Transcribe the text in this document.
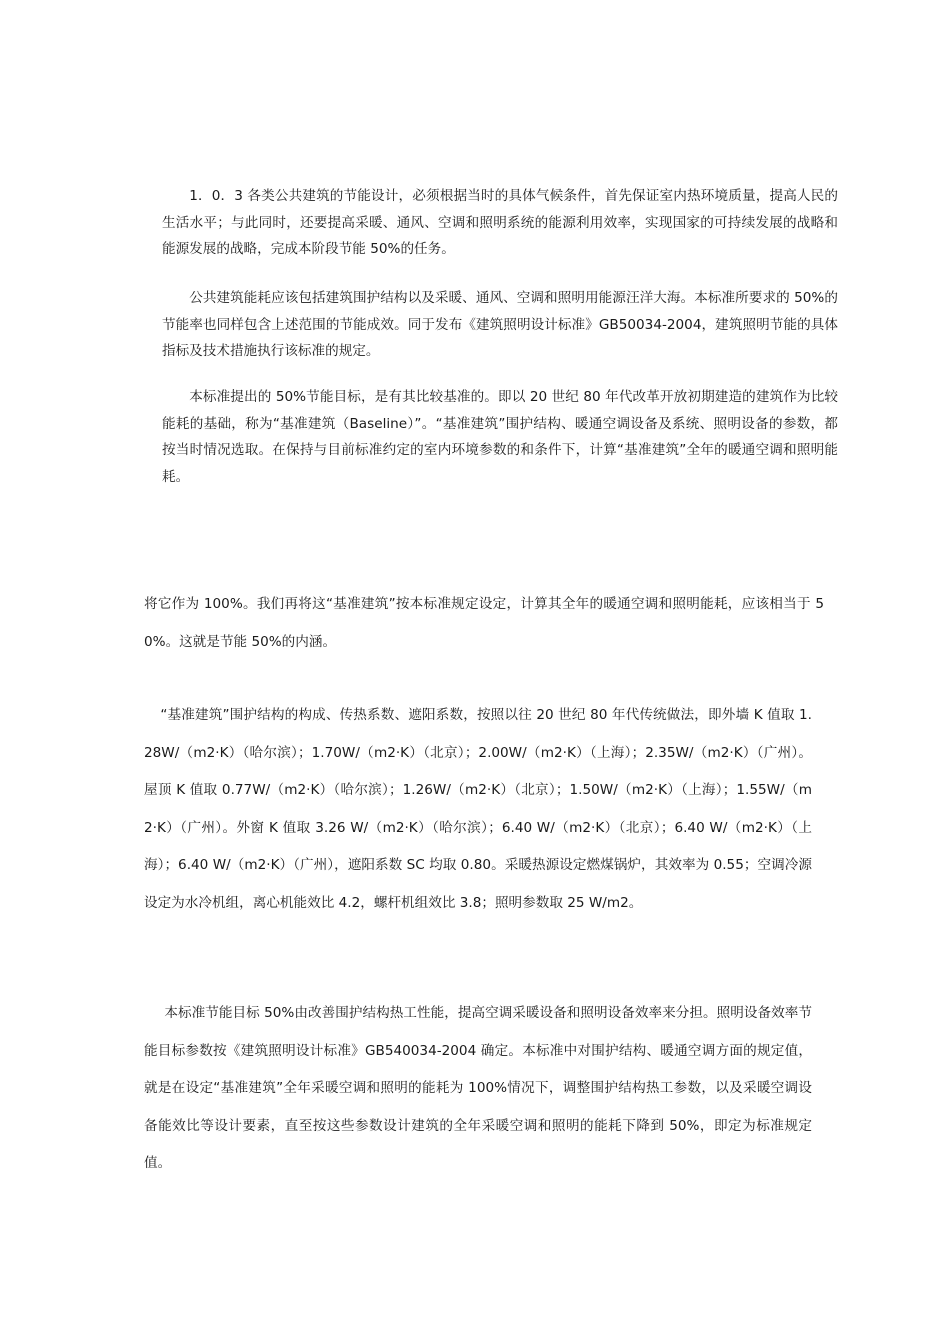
1．0．3 各类公共建筑的节能设计，必须根据当时的具体气候条件，首先保证室内热环境质量，提高人民的生活水平；与此同时，还要提高采暖、通风、空调和照明系统的能源利用效率，实现国家的可持续发展的战略和能源发展的战略，完成本阶段节能 50%的任务。

公共建筑能耗应该包括建筑围护结构以及采暖、通风、空调和照明用能源汪洋大海。本标准所要求的 50%的节能率也同样包含上述范围的节能成效。同于发布《建筑照明设计标准》GB50034-2004，建筑照明节能的具体指标及技术措施执行该标准的规定。

本标准提出的 50%节能目标，是有其比较基准的。即以 20 世纪 80 年代改革开放初期建造的建筑作为比较能耗的基础，称为“基准建筑（Baseline）”。“基准建筑”围护结构、暖通空调设备及系统、照明设备的参数，都按当时情况选取。在保持与目前标准约定的室内环境参数的和条件下，计算“基准建筑”全年的暖通空调和照明能耗。

将它作为 100%。我们再将这“基准建筑”按本标准规定设定，计算其全年的暖通空调和照明能耗，应该相当于 50%。这就是节能 50%的内涵。

“基准建筑”围护结构的构成、传热系数、遮阳系数，按照以往 20 世纪 80 年代传统做法，即外墙 K 值取 1.28W/（m2·K）（哈尔滨）；1.70W/（m2·K）（北京）；2.00W/（m2·K）（上海）；2.35W/（m2·K）（广州）。屋顶 K 值取 0.77W/（m2·K）（哈尔滨）；1.26W/（m2·K）（北京）；1.50W/（m2·K）（上海）；1.55W/（m2·K）（广州）。外窗 K 值取 3.26 W/（m2·K）（哈尔滨）；6.40 W/（m2·K）（北京）；6.40 W/（m2·K）（上海）；6.40 W/（m2·K）（广州），遮阳系数 SC 均取 0.80。采暖热源设定燃煤锅炉，其效率为 0.55；空调冷源设定为水冷机组，离心机能效比 4.2，螺杆机组效比 3.8；照明参数取 25 W/m2。

本标准节能目标 50%由改善围护结构热工性能，提高空调采暖设备和照明设备效率来分担。照明设备效率节能目标参数按《建筑照明设计标准》GB540034-2004 确定。本标准中对围护结构、暖通空调方面的规定值，就是在设定“基准建筑”全年采暖空调和照明的能耗为 100%情况下，调整围护结构热工参数，以及采暖空调设备能效比等设计要素，直至按这些参数设计建筑的全年采暖空调和照明的能耗下降到 50%，即定为标准规定值。
